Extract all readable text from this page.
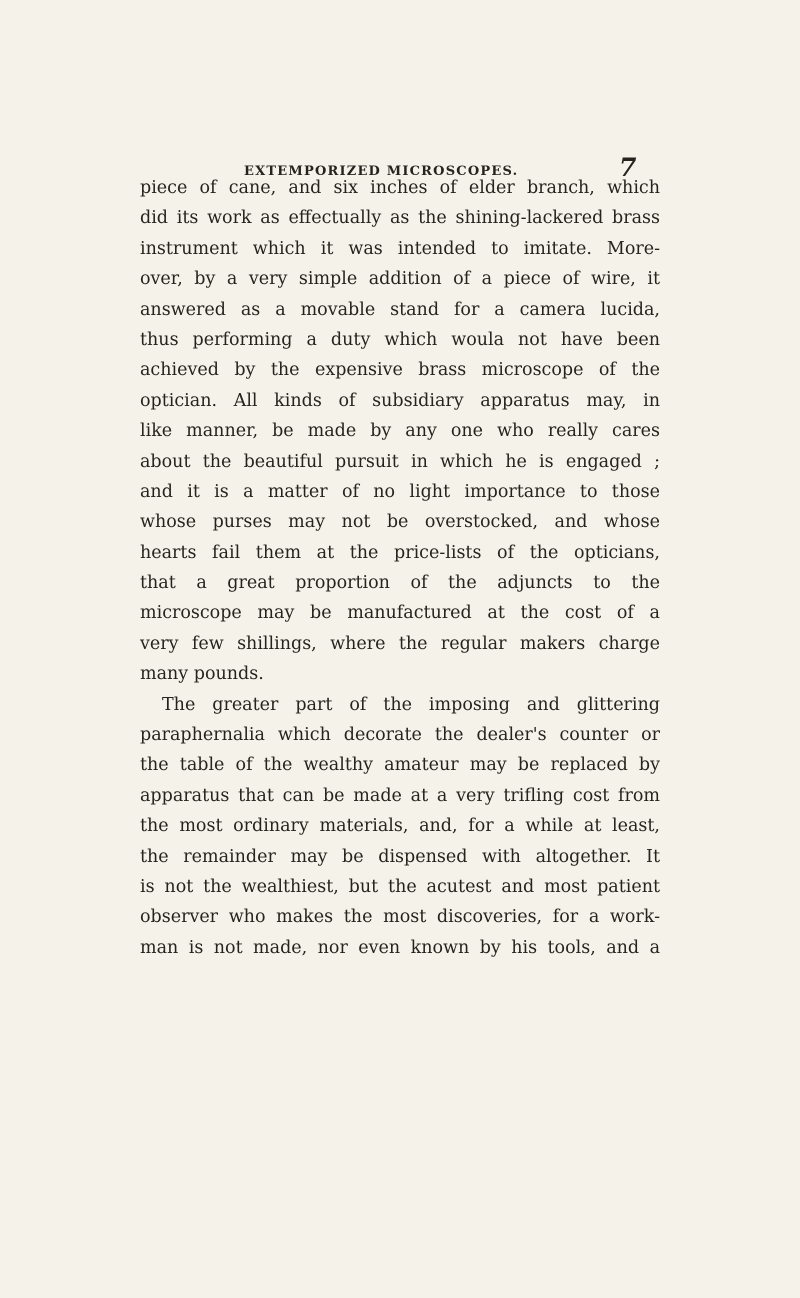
EXTEMPORIZED MICROSCOPES.	7
piece of cane, and six inches of elder branch, which
did its work as effectually as the shining-lackered brass
instrument which it was intended to imitate. More-
over, by a very simple addition of a piece of wire, it
answered as a movable stand for a camera lucida,
thus performing a duty which woula not have been
achieved by the expensive brass microscope of the
optician. All kinds of subsidiary apparatus may, in
like manner, be made by any one who really cares
about the beautiful pursuit in which he is engaged ;
and it is a matter of no light importance to those
whose purses may not be overstocked, and whose
hearts fail them at the price-lists of the opticians,
that a great proportion of the adjuncts to the
microscope may be manufactured at the cost of a
very few shillings, where the regular makers charge
many pounds.
The greater part of the imposing and glittering
paraphernalia which decorate the dealer's counter or
the table of the wealthy amateur may be replaced by
apparatus that can be made at a very trifling cost from
the most ordinary materials, and, for a while at least,
the remainder may be dispensed with altogether. It
is not the wealthiest, but the acutest and most patient
observer who makes the most discoveries, for a work-
man is not made, nor even known by his tools, and a
